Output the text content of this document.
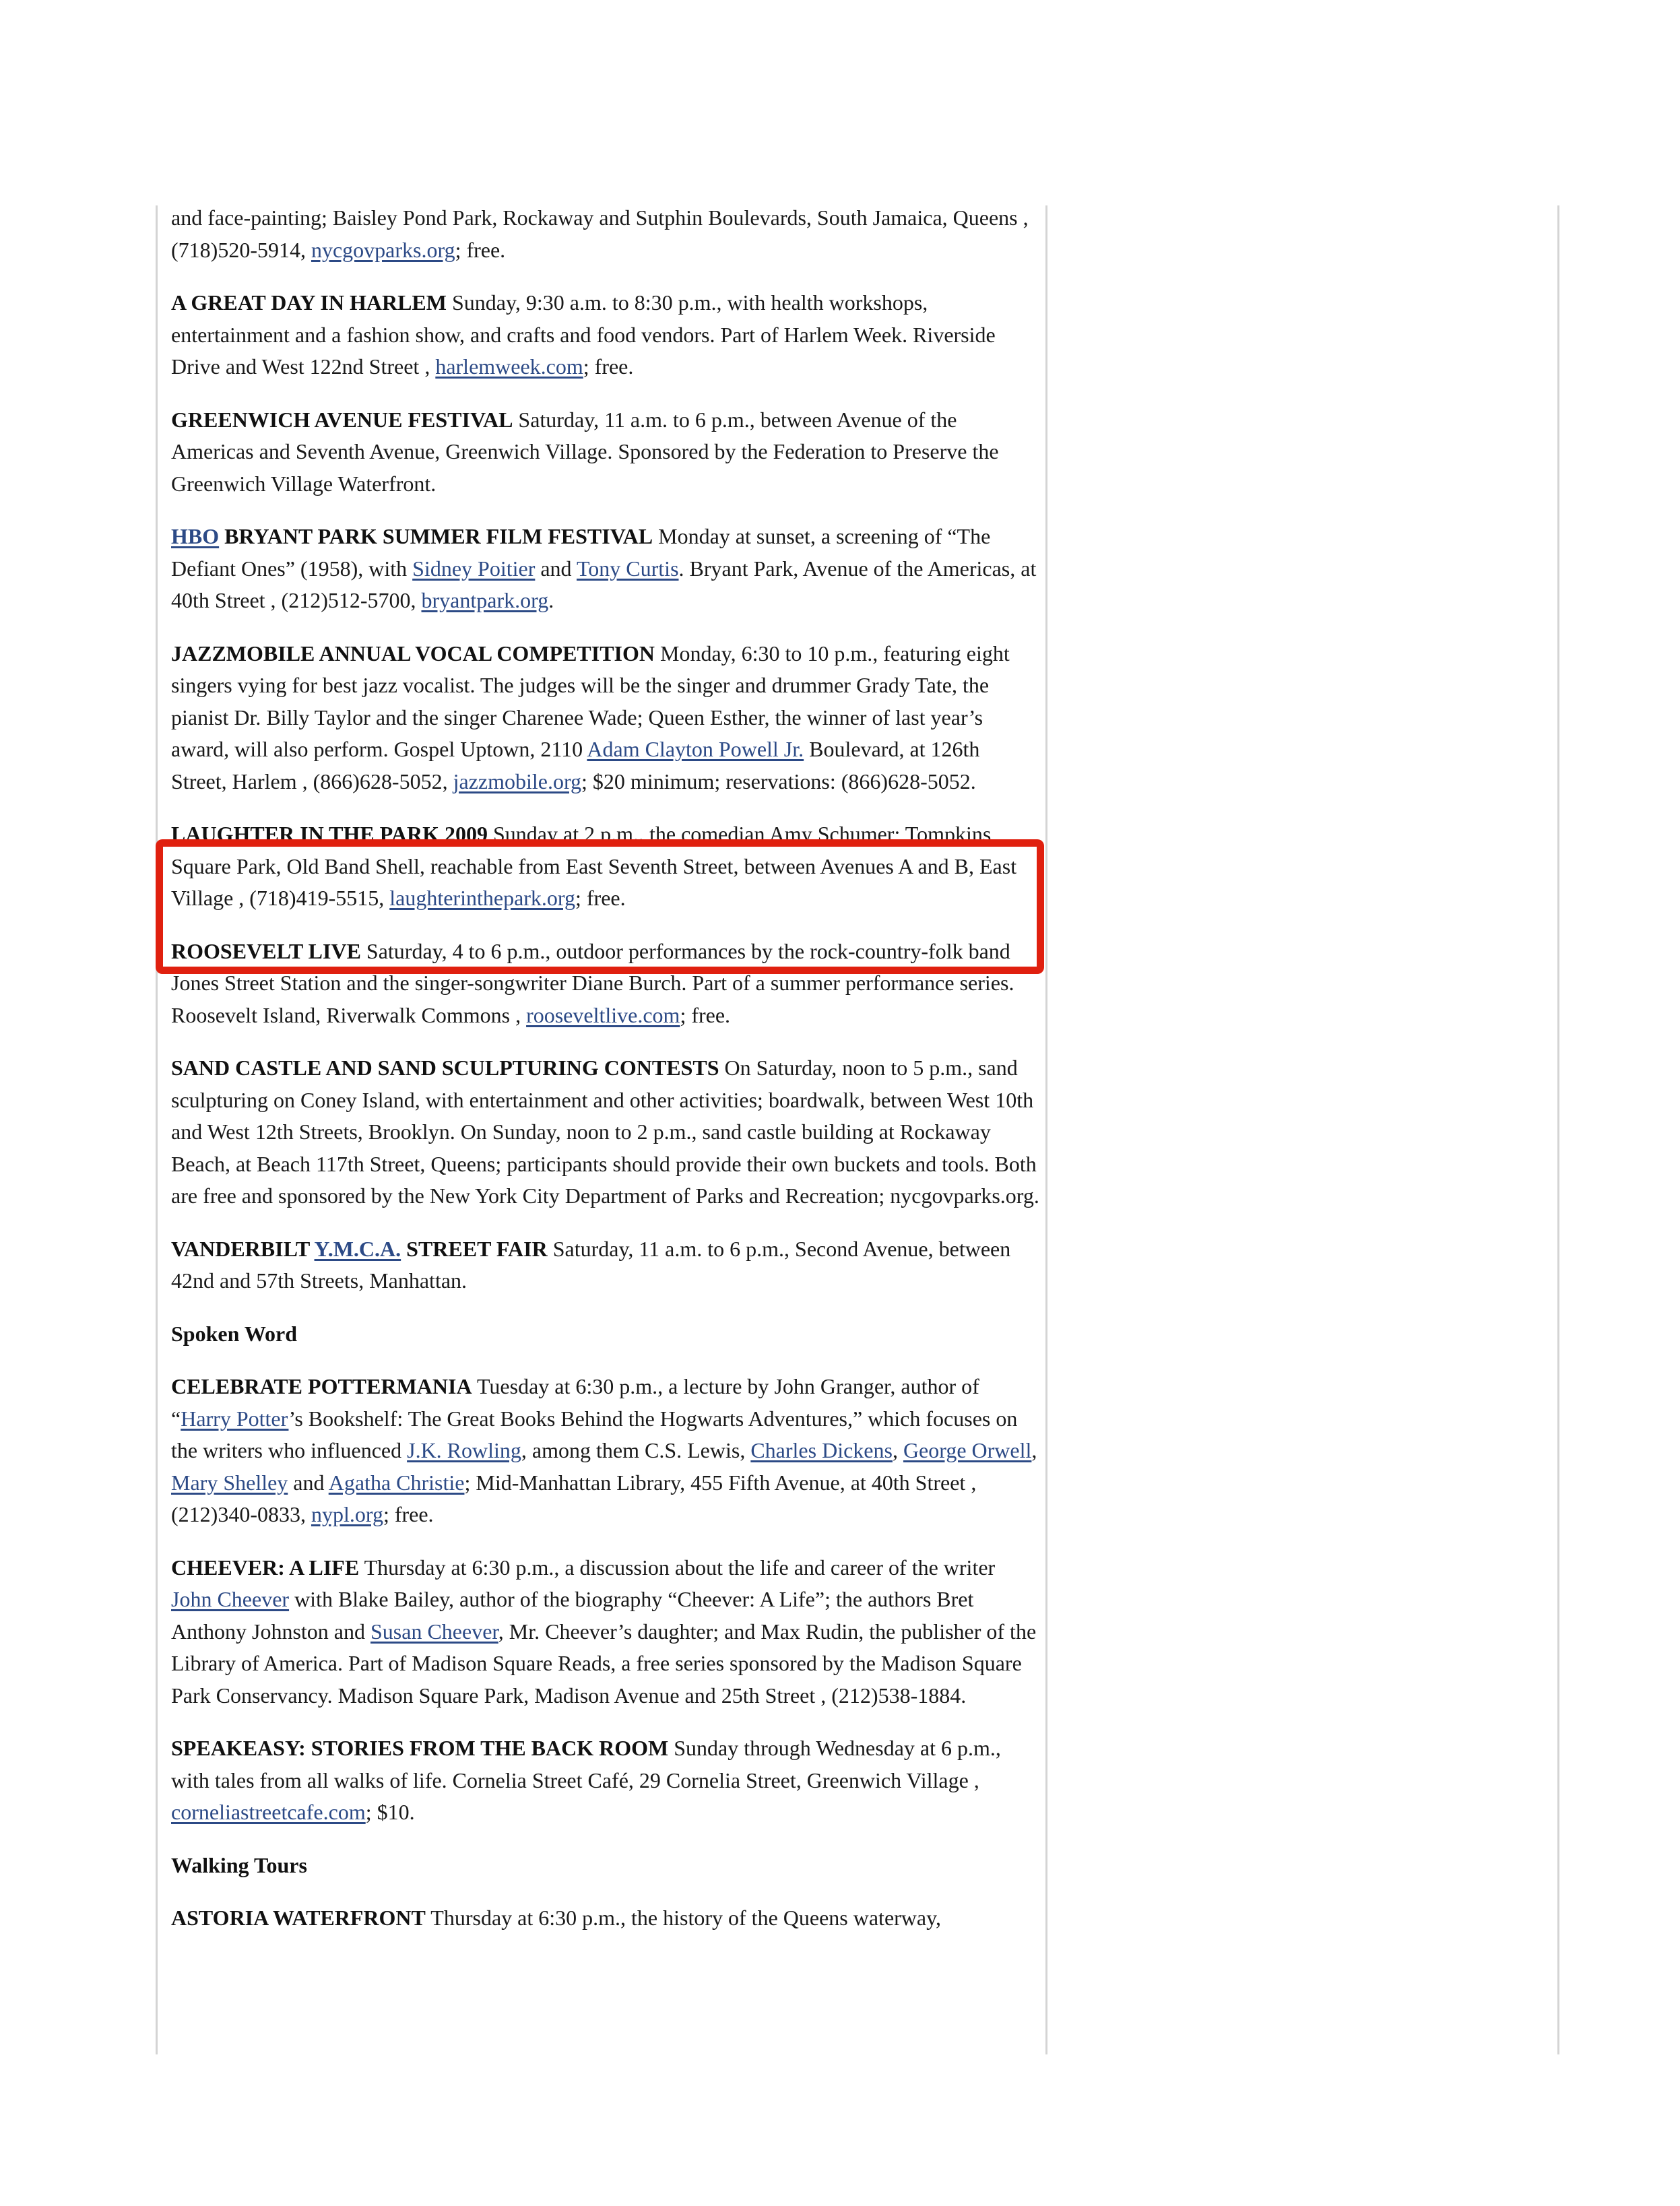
and face-painting; Baisley Pond Park, Rockaway and Sutphin Boulevards, South Jamaica, Queens , (718)520-5914, nycgovparks.org; free.

A GREAT DAY IN HARLEM Sunday, 9:30 a.m. to 8:30 p.m., with health workshops, entertainment and a fashion show, and crafts and food vendors. Part of Harlem Week. Riverside Drive and West 122nd Street , harlemweek.com; free.

GREENWICH AVENUE FESTIVAL Saturday, 11 a.m. to 6 p.m., between Avenue of the Americas and Seventh Avenue, Greenwich Village. Sponsored by the Federation to Preserve the Greenwich Village Waterfront.

HBO BRYANT PARK SUMMER FILM FESTIVAL Monday at sunset, a screening of “The Defiant Ones” (1958), with Sidney Poitier and Tony Curtis. Bryant Park, Avenue of the Americas, at 40th Street , (212)512-5700, bryantpark.org.

JAZZMOBILE ANNUAL VOCAL COMPETITION Monday, 6:30 to 10 p.m., featuring eight singers vying for best jazz vocalist. The judges will be the singer and drummer Grady Tate, the pianist Dr. Billy Taylor and the singer Charenee Wade; Queen Esther, the winner of last year’s award, will also perform. Gospel Uptown, 2110 Adam Clayton Powell Jr. Boulevard, at 126th Street, Harlem , (866)628-5052, jazzmobile.org; $20 minimum; reservations: (866)628-5052.

LAUGHTER IN THE PARK 2009 Sunday at 2 p.m., the comedian Amy Schumer; Tompkins Square Park, Old Band Shell, reachable from East Seventh Street, between Avenues A and B, East Village , (718)419-5515, laughterinthepark.org; free.

ROOSEVELT LIVE Saturday, 4 to 6 p.m., outdoor performances by the rock-country-folk band Jones Street Station and the singer-songwriter Diane Burch. Part of a summer performance series. Roosevelt Island, Riverwalk Commons , rooseveltlive.com; free.

SAND CASTLE AND SAND SCULPTURING CONTESTS On Saturday, noon to 5 p.m., sand sculpturing on Coney Island, with entertainment and other activities; boardwalk, between West 10th and West 12th Streets, Brooklyn. On Sunday, noon to 2 p.m., sand castle building at Rockaway Beach, at Beach 117th Street, Queens; participants should provide their own buckets and tools. Both are free and sponsored by the New York City Department of Parks and Recreation; nycgovparks.org.

VANDERBILT Y.M.C.A. STREET FAIR Saturday, 11 a.m. to 6 p.m., Second Avenue, between 42nd and 57th Streets, Manhattan.

Spoken Word

CELEBRATE POTTERMANIA Tuesday at 6:30 p.m., a lecture by John Granger, author of “Harry Potter’s Bookshelf: The Great Books Behind the Hogwarts Adventures,” which focuses on the writers who influenced J.K. Rowling, among them C.S. Lewis, Charles Dickens, George Orwell, Mary Shelley and Agatha Christie; Mid-Manhattan Library, 455 Fifth Avenue, at 40th Street , (212)340-0833, nypl.org; free.

CHEEVER: A LIFE Thursday at 6:30 p.m., a discussion about the life and career of the writer John Cheever with Blake Bailey, author of the biography “Cheever: A Life”; the authors Bret Anthony Johnston and Susan Cheever, Mr. Cheever’s daughter; and Max Rudin, the publisher of the Library of America. Part of Madison Square Reads, a free series sponsored by the Madison Square Park Conservancy. Madison Square Park, Madison Avenue and 25th Street , (212)538-1884.

SPEAKEASY: STORIES FROM THE BACK ROOM Sunday through Wednesday at 6 p.m., with tales from all walks of life. Cornelia Street Café, 29 Cornelia Street, Greenwich Village , corneliastreetcafe.com; $10.

Walking Tours

ASTORIA WATERFRONT Thursday at 6:30 p.m., the history of the Queens waterway,
